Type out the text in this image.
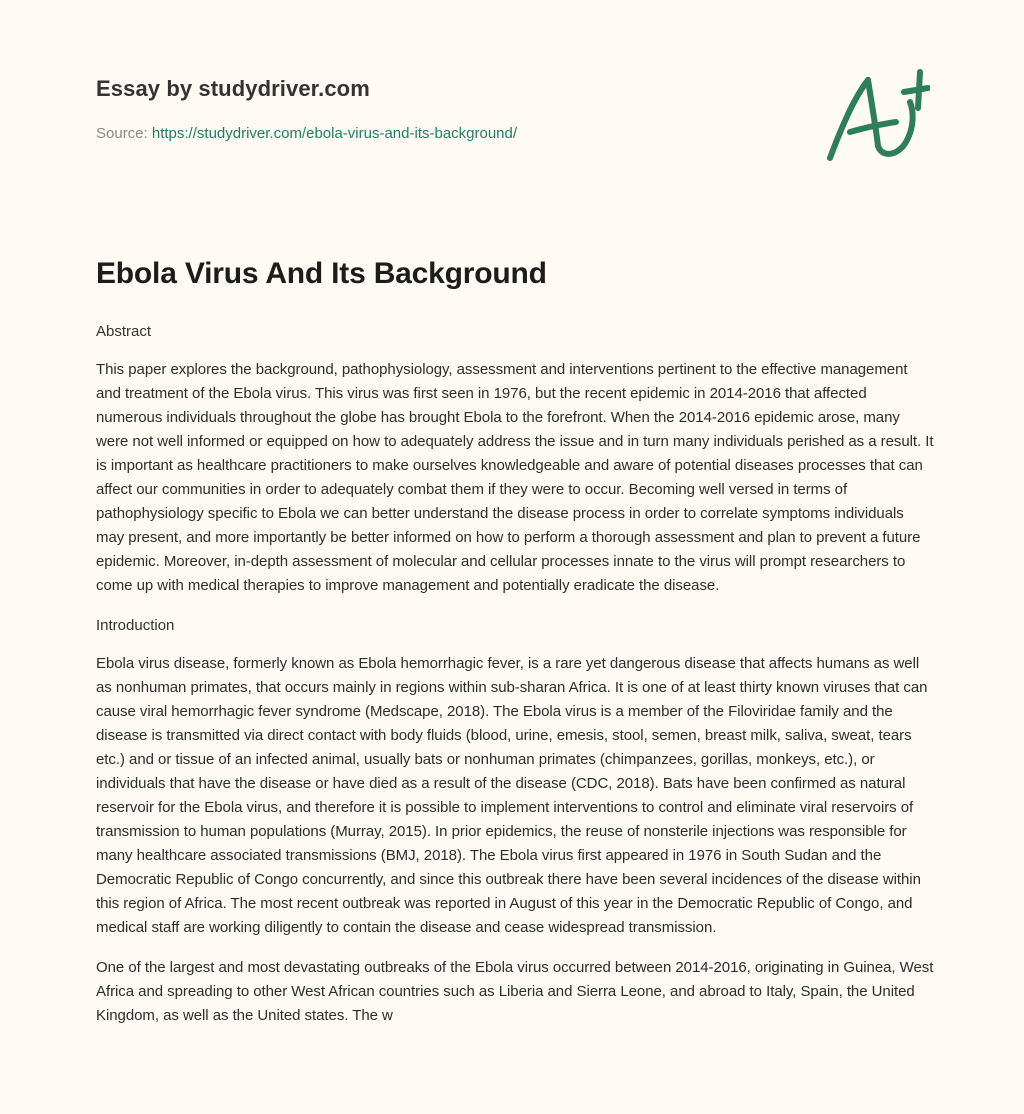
Essay by studydriver.com
Source: https://studydriver.com/ebola-virus-and-its-background/
Ebola Virus And Its Background
Abstract

This paper explores the background, pathophysiology, assessment and interventions pertinent to the effective management and treatment of the Ebola virus. This virus was first seen in 1976, but the recent epidemic in 2014-2016 that affected numerous individuals throughout the globe has brought Ebola to the forefront. When the 2014-2016 epidemic arose, many were not well informed or equipped on how to adequately address the issue and in turn many individuals perished as a result. It is important as healthcare practitioners to make ourselves knowledgeable and aware of potential diseases processes that can affect our communities in order to adequately combat them if they were to occur. Becoming well versed in terms of pathophysiology specific to Ebola we can better understand the disease process in order to correlate symptoms individuals may present, and more importantly be better informed on how to perform a thorough assessment and plan to prevent a future epidemic. Moreover, in-depth assessment of molecular and cellular processes innate to the virus will prompt researchers to come up with medical therapies to improve management and potentially eradicate the disease.

Introduction

Ebola virus disease, formerly known as Ebola hemorrhagic fever, is a rare yet dangerous disease that affects humans as well as nonhuman primates, that occurs mainly in regions within sub-sharan Africa. It is one of at least thirty known viruses that can cause viral hemorrhagic fever syndrome (Medscape, 2018). The Ebola virus is a member of the Filoviridae family and the disease is transmitted via direct contact with body fluids (blood, urine, emesis, stool, semen, breast milk, saliva, sweat, tears etc.) and or tissue of an infected animal, usually bats or nonhuman primates (chimpanzees, gorillas, monkeys, etc.), or individuals that have the disease or have died as a result of the disease (CDC, 2018). Bats have been confirmed as natural reservoir for the Ebola virus, and therefore it is possible to implement interventions to control and eliminate viral reservoirs of transmission to human populations (Murray, 2015). In prior epidemics, the reuse of nonsterile injections was responsible for many healthcare associated transmissions (BMJ, 2018). The Ebola virus first appeared in 1976 in South Sudan and the Democratic Republic of Congo concurrently, and since this outbreak there have been several incidences of the disease within this region of Africa. The most recent outbreak was reported in August of this year in the Democratic Republic of Congo, and medical staff are working diligently to contain the disease and cease widespread transmission.

One of the largest and most devastating outbreaks of the Ebola virus occurred between 2014-2016, originating in Guinea, West Africa and spreading to other West African countries such as Liberia and Sierra Leone, and abroad to Italy, Spain, the United Kingdom, as well as the United states. The w
